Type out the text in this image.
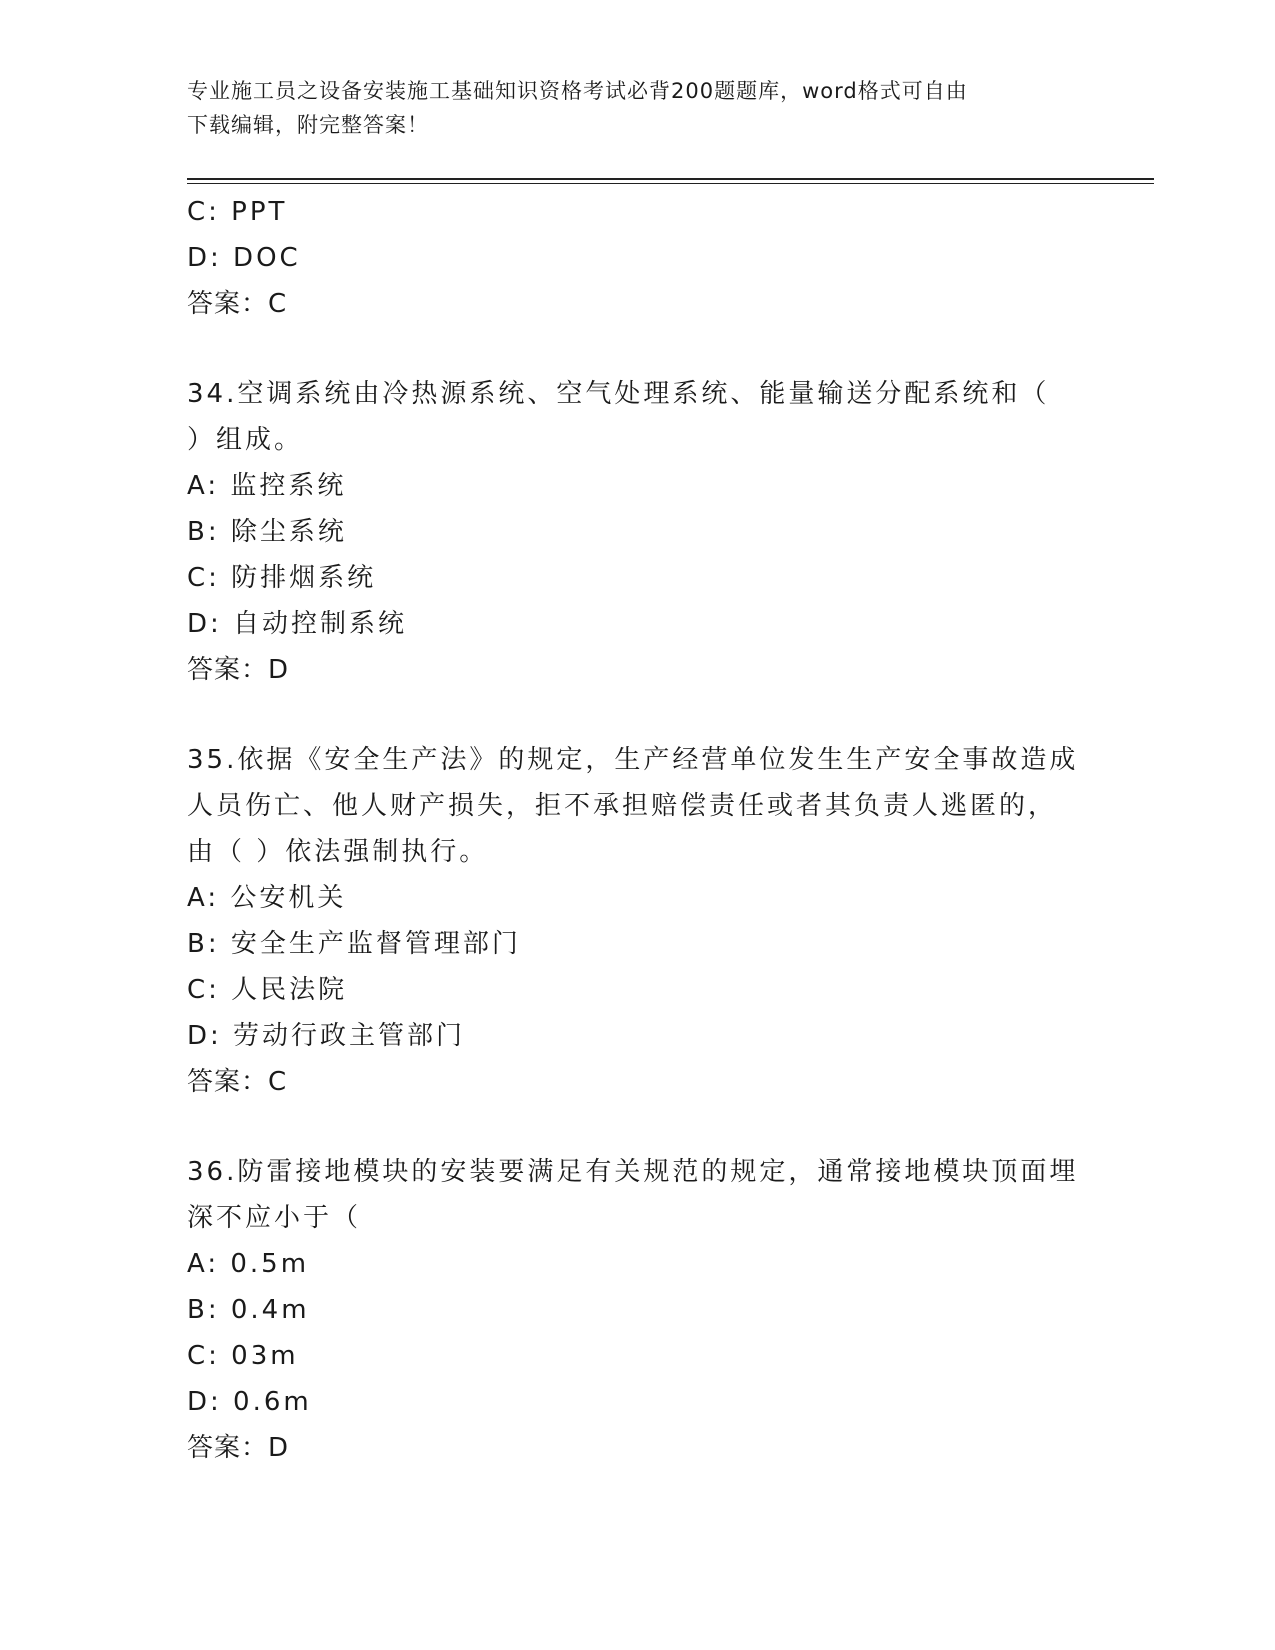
专业施工员之设备安装施工基础知识资格考试必背200题题库，word格式可自由
下载编辑，附完整答案！
C: PPT
D: DOC
答案：C
34.空调系统由冷热源系统、空气处理系统、能量输送分配系统和（
）组成。
A: 监控系统
B: 除尘系统
C: 防排烟系统
D: 自动控制系统
答案：D
35.依据《安全生产法》的规定，生产经营单位发生生产安全事故造成
人员伤亡、他人财产损失，拒不承担赔偿责任或者其负责人逃匿的，
由（ ）依法强制执行。
A: 公安机关
B: 安全生产监督管理部门
C: 人民法院
D: 劳动行政主管部门
答案：C
36.防雷接地模块的安装要满足有关规范的规定，通常接地模块顶面埋
深不应小于（
A: 0.5m
B: 0.4m
C: 03m
D: 0.6m
答案：D
